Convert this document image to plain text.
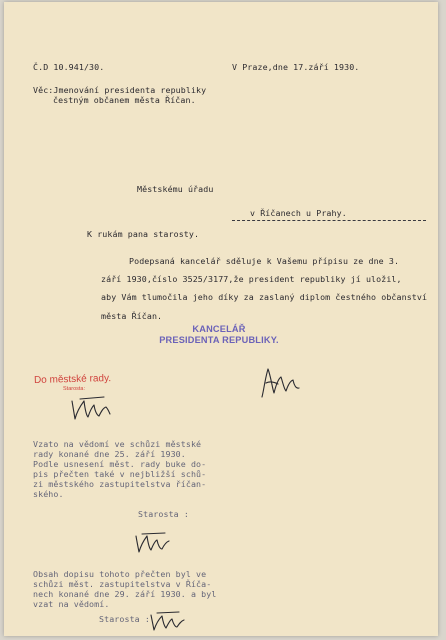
Č.D 10.941/30.	V Praze,dne 17.září 1930.
Věc:Jmenování presidenta republiky
čestným občanem města Říčan.
Městskému úřadu
v Říčanech u Prahy.
K rukám pana starosty.
Podepsaná kancelář sděluje k Vašemu přípisu ze dne 3.
září 1930,číslo 3525/3177,že president republiky jí uložil,
aby Vám tlumočila jeho díky za zaslaný diplom čestného občanství
města Říčan.
KANCELÁŘ
PRESIDENTA REPUBLIKY.
Do městské rady.
Starosta:
Vzato na vědomí ve schůzi městské
rady konané dne 25. září 1930.
Podle usnesení měst. rady buke do-
pis přečten také v nejbližší schů-
zi městského zastupitelstva říčan-
ského.
Starosta :
Obsah dopisu tohoto přečten byl ve
schůzi měst. zastupitelstva v Říča-
nech konané dne 29. září 1930. a byl
vzat na vědomí.
Starosta :
